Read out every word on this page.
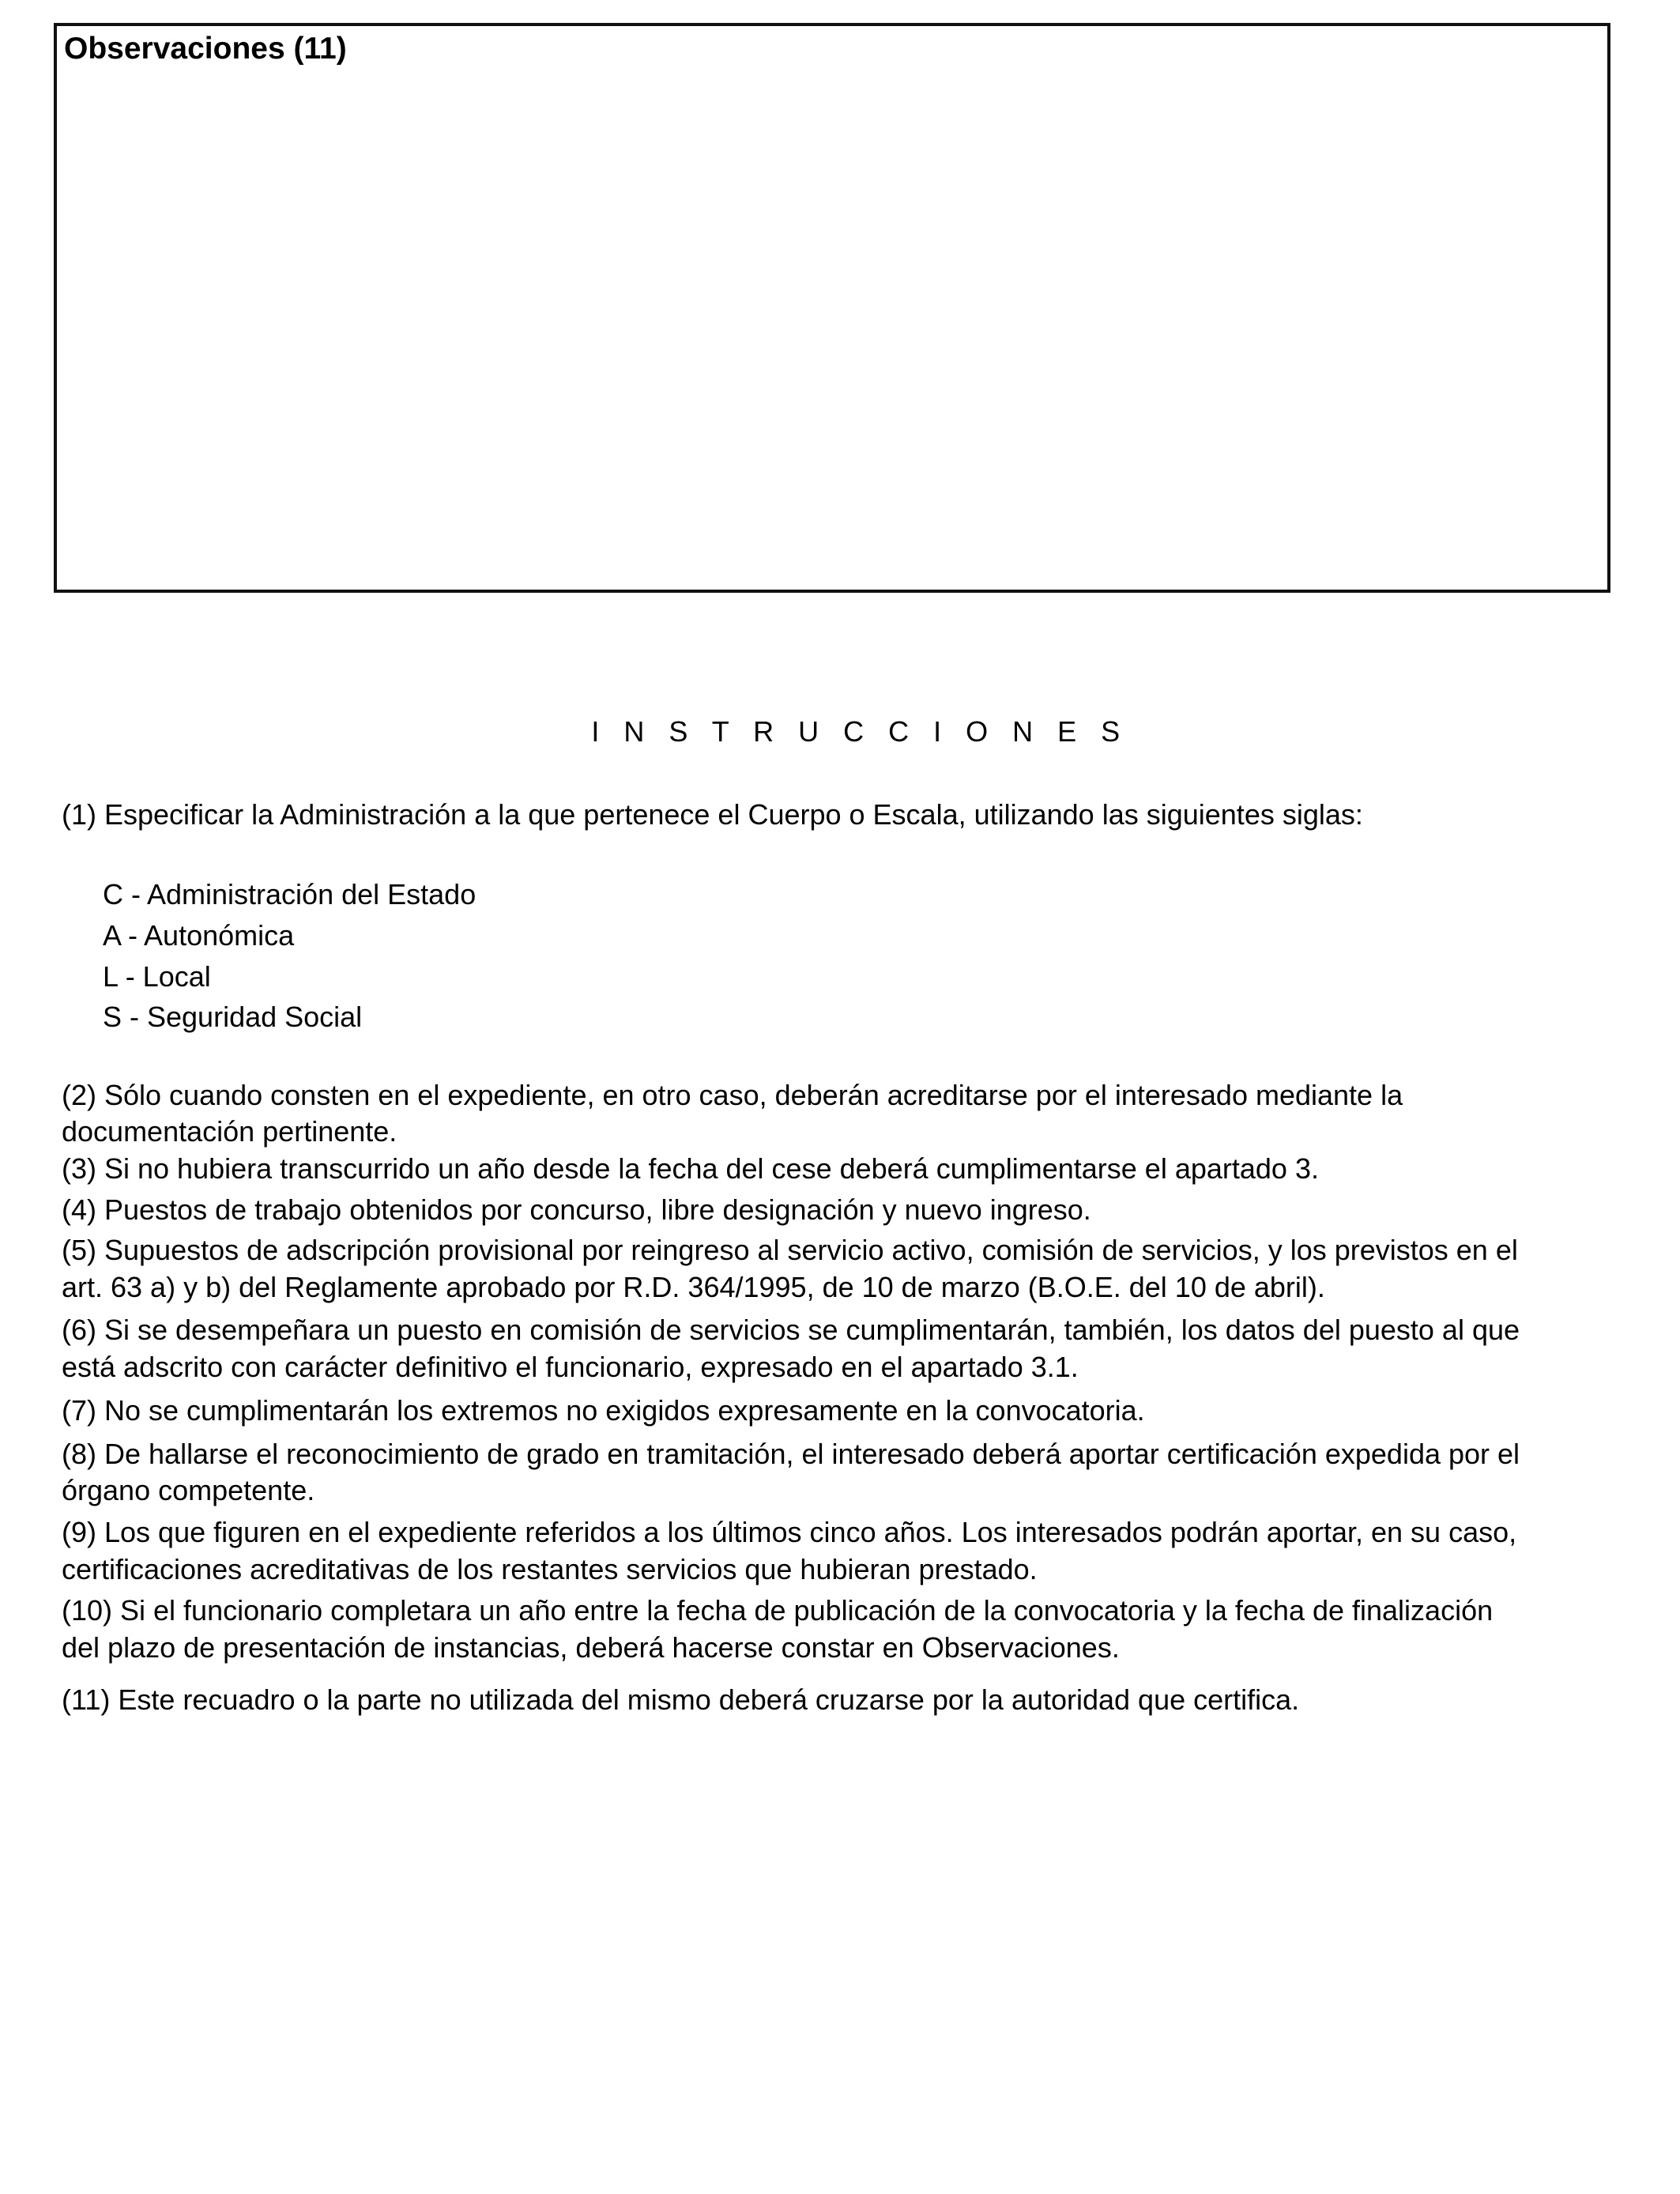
Observaciones (11)
I N S T R U C C I O N E S
(1) Especificar la Administración a la que pertenece el Cuerpo o Escala, utilizando las siguientes siglas:
C - Administración del Estado
A - Autonómica
L - Local
S - Seguridad Social
(2) Sólo cuando consten en el expediente, en otro caso, deberán acreditarse por el interesado mediante la
documentación pertinente.
(3) Si no hubiera transcurrido un año desde la fecha del cese deberá cumplimentarse el apartado 3.
(4) Puestos de trabajo obtenidos por concurso, libre designación y nuevo ingreso.
(5) Supuestos de adscripción provisional por reingreso al servicio activo, comisión de servicios, y los previstos en el
art. 63 a) y b) del Reglamente aprobado por R.D. 364/1995, de 10 de marzo (B.O.E. del 10 de abril).
(6) Si se desempeñara un puesto en comisión de servicios se cumplimentarán, también, los datos del puesto al que
está adscrito con carácter definitivo el funcionario, expresado en el apartado 3.1.
(7) No se cumplimentarán los extremos no exigidos expresamente en la convocatoria.
(8) De hallarse el reconocimiento de grado en tramitación, el interesado deberá aportar certificación expedida por el
órgano competente.
(9) Los que figuren en el expediente referidos a los últimos cinco años. Los interesados podrán aportar, en su caso,
certificaciones acreditativas de los restantes servicios que hubieran prestado.
(10) Si el funcionario completara un año entre la fecha de publicación de la convocatoria y la fecha de finalización
del plazo de presentación de instancias, deberá hacerse constar en Observaciones.
(11) Este recuadro o la parte no utilizada del mismo deberá cruzarse por la autoridad que certifica.
